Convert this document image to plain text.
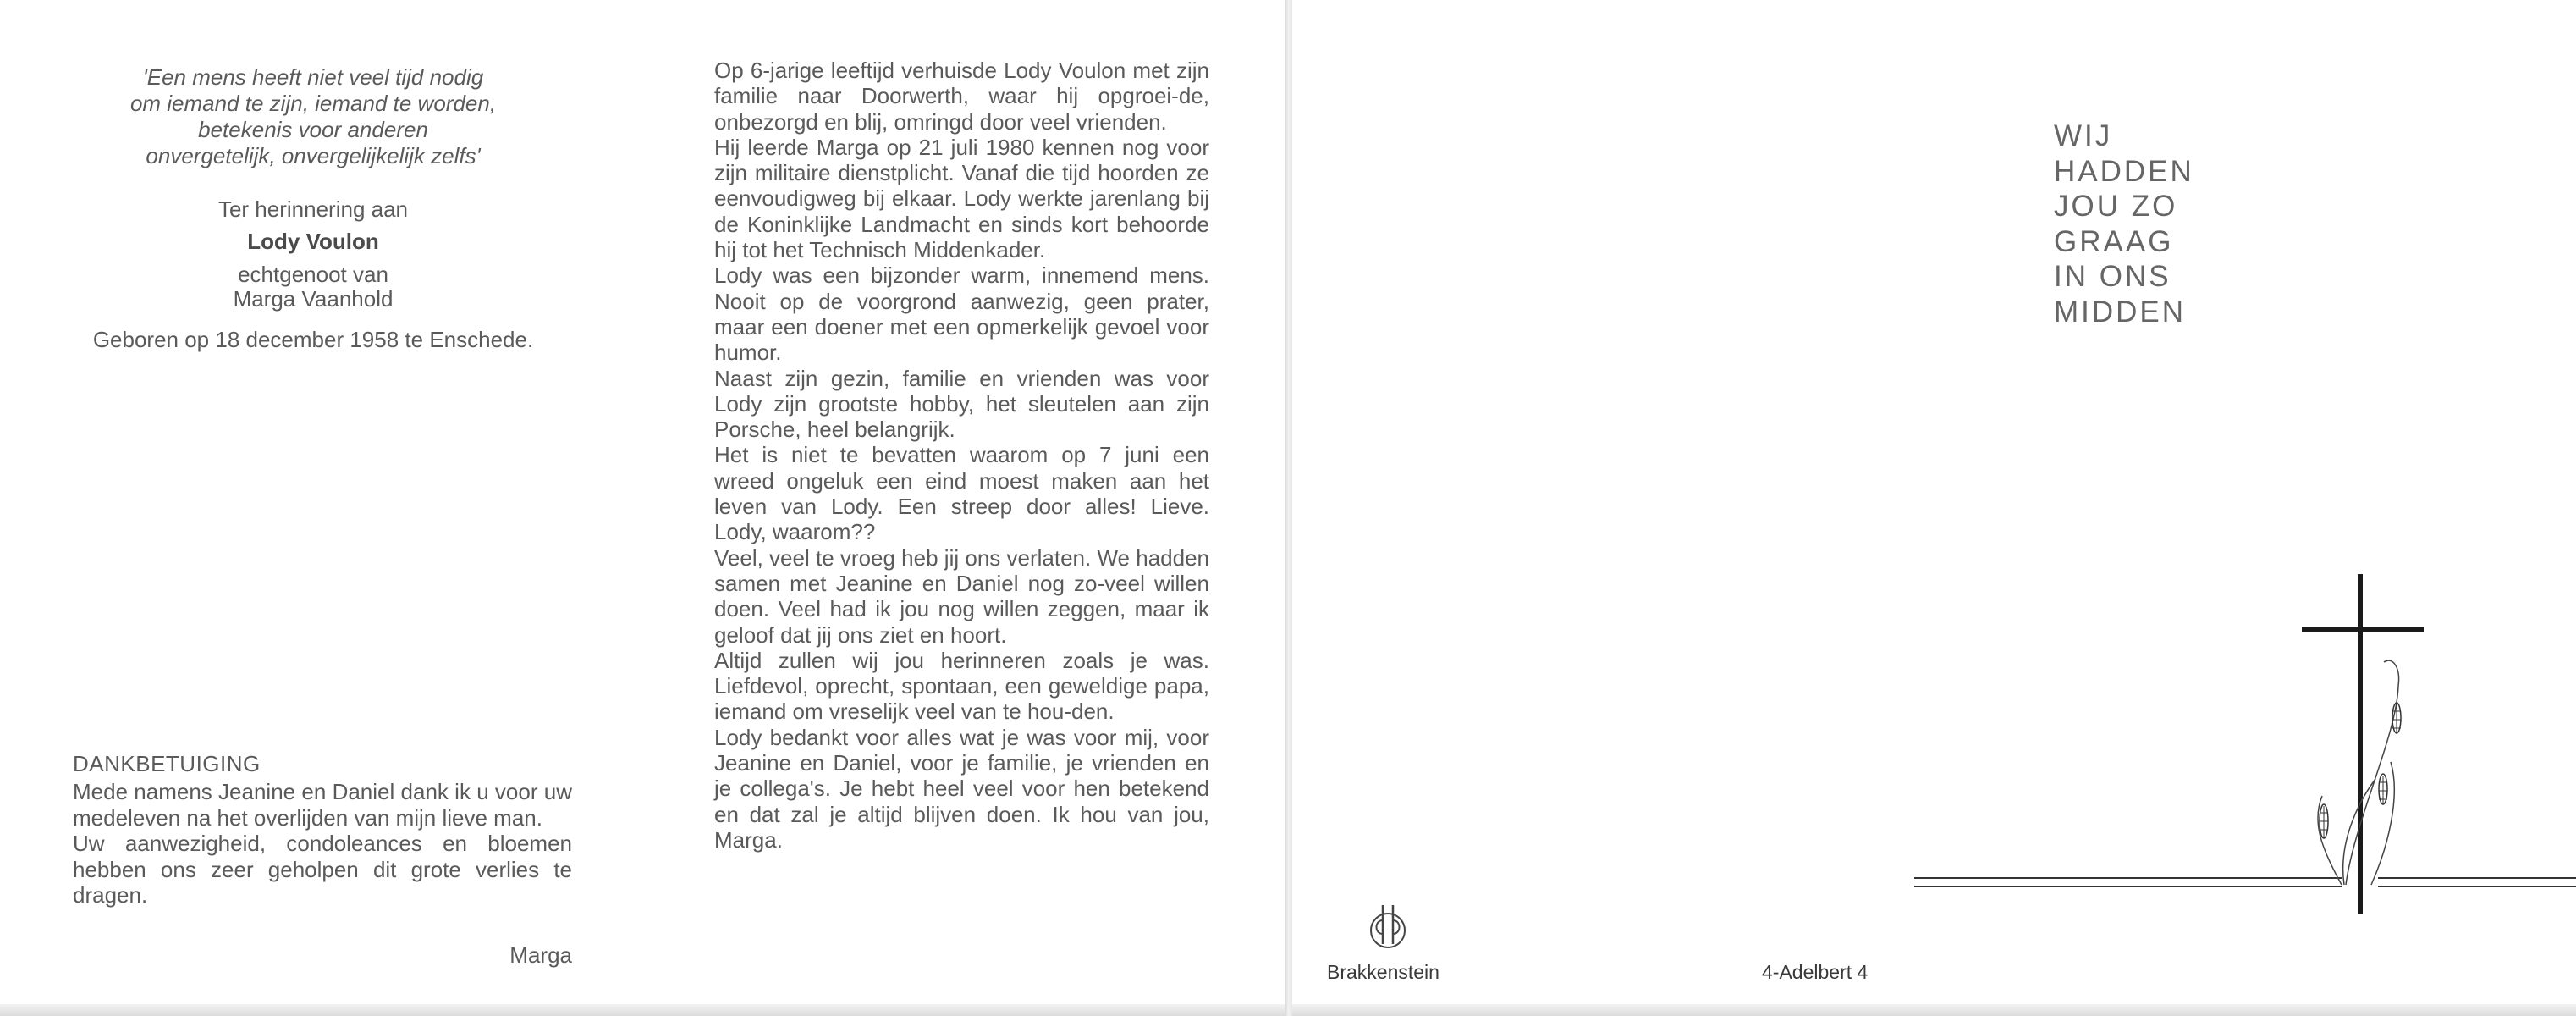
'Een mens heeft niet veel tijd nodig
om iemand te zijn, iemand te worden,
betekenis voor anderen
onvergetelijk, onvergelijkelijk zelfs'
Ter herinnering aan
Lody Voulon
echtgenoot van
Marga Vaanhold
Geboren op 18 december 1958 te Enschede.
DANKBETUIGING

Mede namens Jeanine en Daniel dank ik u voor uw medeleven na het overlijden van mijn lieve man.

Uw aanwezigheid, condoleances en bloemen hebben ons zeer geholpen dit grote verlies te dragen.

Marga

Op 6-jarige leeftijd verhuisde Lody Voulon met zijn familie naar Doorwerth, waar hij opgroei-de, onbezorgd en blij, omringd door veel vrienden.

Hij leerde Marga op 21 juli 1980 kennen nog voor zijn militaire dienstplicht. Vanaf die tijd hoorden ze eenvoudigweg bij elkaar. Lody werkte jarenlang bij de Koninklijke Landmacht en sinds kort behoorde hij tot het Technisch Middenkader.

Lody was een bijzonder warm, innemend mens. Nooit op de voorgrond aanwezig, geen prater, maar een doener met een opmerkelijk gevoel voor humor.

Naast zijn gezin, familie en vrienden was voor Lody zijn grootste hobby, het sleutelen aan zijn Porsche, heel belangrijk.

Het is niet te bevatten waarom op 7 juni een wreed ongeluk een eind moest maken aan het leven van Lody. Een streep door alles! Lieve. Lody, waarom??

Veel, veel te vroeg heb jij ons verlaten. We hadden samen met Jeanine en Daniel nog zo-veel willen doen. Veel had ik jou nog willen zeggen, maar ik geloof dat jij ons ziet en hoort.

Altijd zullen wij jou herinneren zoals je was. Liefdevol, oprecht, spontaan, een geweldige papa, iemand om vreselijk veel van te hou-den.

Lody bedankt voor alles wat je was voor mij, voor Jeanine en Daniel, voor je familie, je vrienden en je collega's. Je hebt heel veel voor hen betekend en dat zal je altijd blijven doen. Ik hou van jou, Marga.

WIJ
HADDEN
JOU ZO
GRAAG
IN ONS
MIDDEN
Brakkenstein	4-Adelbert 4
